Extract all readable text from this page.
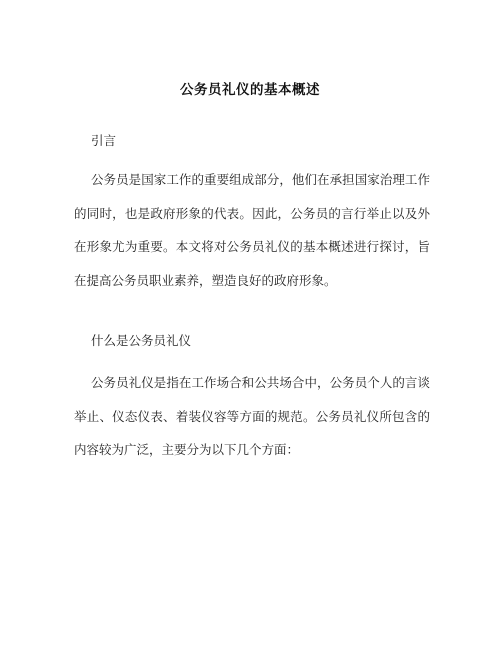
公务员礼仪的基本概述
引言

公务员是国家工作的重要组成部分，他们在承担国家治理工作的同时，也是政府形象的代表。因此，公务员的言行举止以及外在形象尤为重要。本文将对公务员礼仪的基本概述进行探讨，旨在提高公务员职业素养，塑造良好的政府形象。

什么是公务员礼仪

公务员礼仪是指在工作场合和公共场合中，公务员个人的言谈举止、仪态仪表、着装仪容等方面的规范。公务员礼仪所包含的内容较为广泛，主要分为以下几个方面：
